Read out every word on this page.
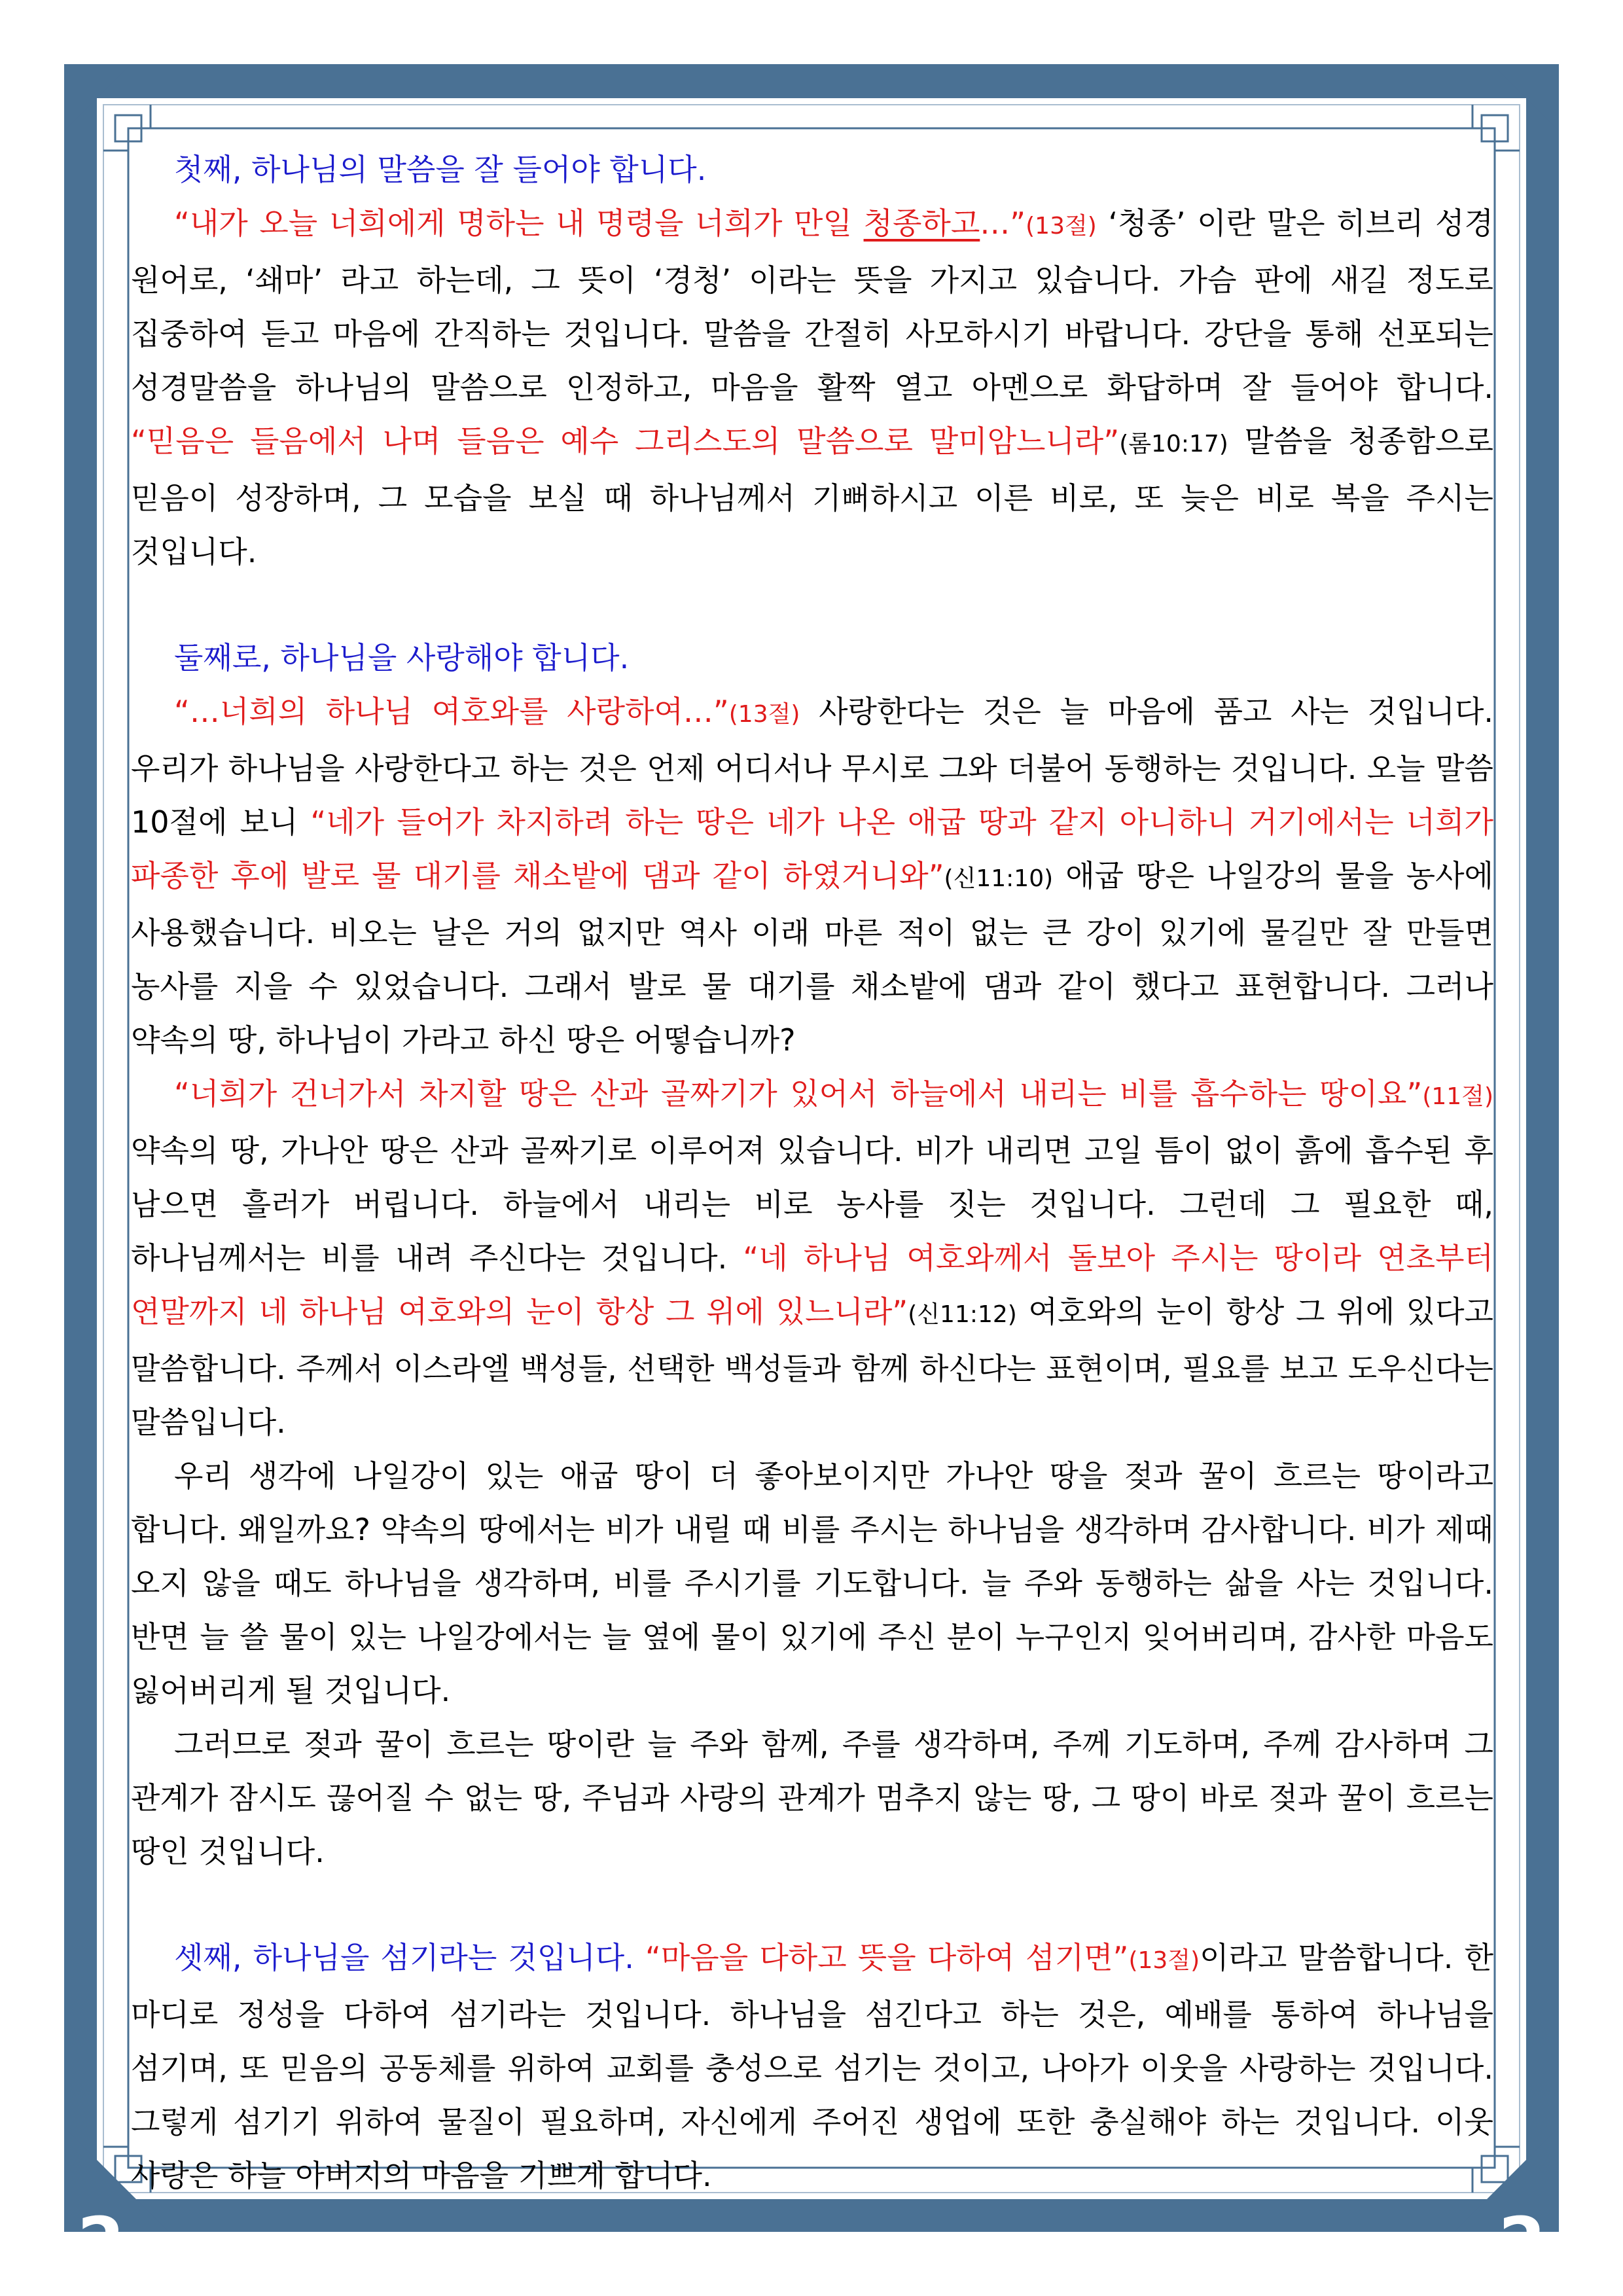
2	2

첫째, 하나님의 말씀을 잘 들어야 합니다.

“내가 오늘 너희에게 명하는 내 명령을 너희가 만일 청종하고…”(13절) ‘청종’ 이란 말은 히브리 성경 원어로, ‘쇄마’ 라고 하는데, 그 뜻이 ‘경청’ 이라는 뜻을 가지고 있습니다. 가슴 판에 새길 정도로 집중하여 듣고 마음에 간직하는 것입니다. 말씀을 간절히 사모하시기 바랍니다. 강단을 통해 선포되는 성경말씀을 하나님의 말씀으로 인정하고, 마음을 활짝 열고 아멘으로 화답하며 잘 들어야 합니다. “믿음은 들음에서 나며 들음은 예수 그리스도의 말씀으로 말미암느니라”(롬10:17) 말씀을 청종함으로 믿음이 성장하며, 그 모습을 보실 때 하나님께서 기뻐하시고 이른 비로, 또 늦은 비로 복을 주시는 것입니다.

둘째로, 하나님을 사랑해야 합니다.

“…너희의 하나님 여호와를 사랑하여…”(13절) 사랑한다는 것은 늘 마음에 품고 사는 것입니다. 우리가 하나님을 사랑한다고 하는 것은 언제 어디서나 무시로 그와 더불어 동행하는 것입니다. 오늘 말씀 10절에 보니 “네가 들어가 차지하려 하는 땅은 네가 나온 애굽 땅과 같지 아니하니 거기에서는 너희가 파종한 후에 발로 물 대기를 채소밭에 댐과 같이 하였거니와”(신11:10) 애굽 땅은 나일강의 물을 농사에 사용했습니다. 비오는 날은 거의 없지만 역사 이래 마른 적이 없는 큰 강이 있기에 물길만 잘 만들면 농사를 지을 수 있었습니다. 그래서 발로 물 대기를 채소밭에 댐과 같이 했다고 표현합니다. 그러나 약속의 땅, 하나님이 가라고 하신 땅은 어떻습니까?

“너희가 건너가서 차지할 땅은 산과 골짜기가 있어서 하늘에서 내리는 비를 흡수하는 땅이요”(11절) 약속의 땅, 가나안 땅은 산과 골짜기로 이루어져 있습니다. 비가 내리면 고일 틈이 없이 흙에 흡수된 후 남으면 흘러가 버립니다. 하늘에서 내리는 비로 농사를 짓는 것입니다. 그런데 그 필요한 때, 하나님께서는 비를 내려 주신다는 것입니다. “네 하나님 여호와께서 돌보아 주시는 땅이라 연초부터 연말까지 네 하나님 여호와의 눈이 항상 그 위에 있느니라”(신11:12) 여호와의 눈이 항상 그 위에 있다고 말씀합니다. 주께서 이스라엘 백성들, 선택한 백성들과 함께 하신다는 표현이며, 필요를 보고 도우신다는 말씀입니다.

우리 생각에 나일강이 있는 애굽 땅이 더 좋아보이지만 가나안 땅을 젖과 꿀이 흐르는 땅이라고 합니다. 왜일까요? 약속의 땅에서는 비가 내릴 때 비를 주시는 하나님을 생각하며 감사합니다. 비가 제때 오지 않을 때도 하나님을 생각하며, 비를 주시기를 기도합니다. 늘 주와 동행하는 삶을 사는 것입니다. 반면 늘 쓸 물이 있는 나일강에서는 늘 옆에 물이 있기에 주신 분이 누구인지 잊어버리며, 감사한 마음도 잃어버리게 될 것입니다.

그러므로 젖과 꿀이 흐르는 땅이란 늘 주와 함께, 주를 생각하며, 주께 기도하며, 주께 감사하며 그 관계가 잠시도 끊어질 수 없는 땅, 주님과 사랑의 관계가 멈추지 않는 땅, 그 땅이 바로 젖과 꿀이 흐르는 땅인 것입니다.

셋째, 하나님을 섬기라는 것입니다. “마음을 다하고 뜻을 다하여 섬기면”(13절)이라고 말씀합니다. 한 마디로 정성을 다하여 섬기라는 것입니다. 하나님을 섬긴다고 하는 것은, 예배를 통하여 하나님을 섬기며, 또 믿음의 공동체를 위하여 교회를 충성으로 섬기는 것이고, 나아가 이웃을 사랑하는 것입니다. 그렇게 섬기기 위하여 물질이 필요하며, 자신에게 주어진 생업에 또한 충실해야 하는 것입니다. 이웃 사랑은 하늘 아버지의 마음을 기쁘게 합니다.
